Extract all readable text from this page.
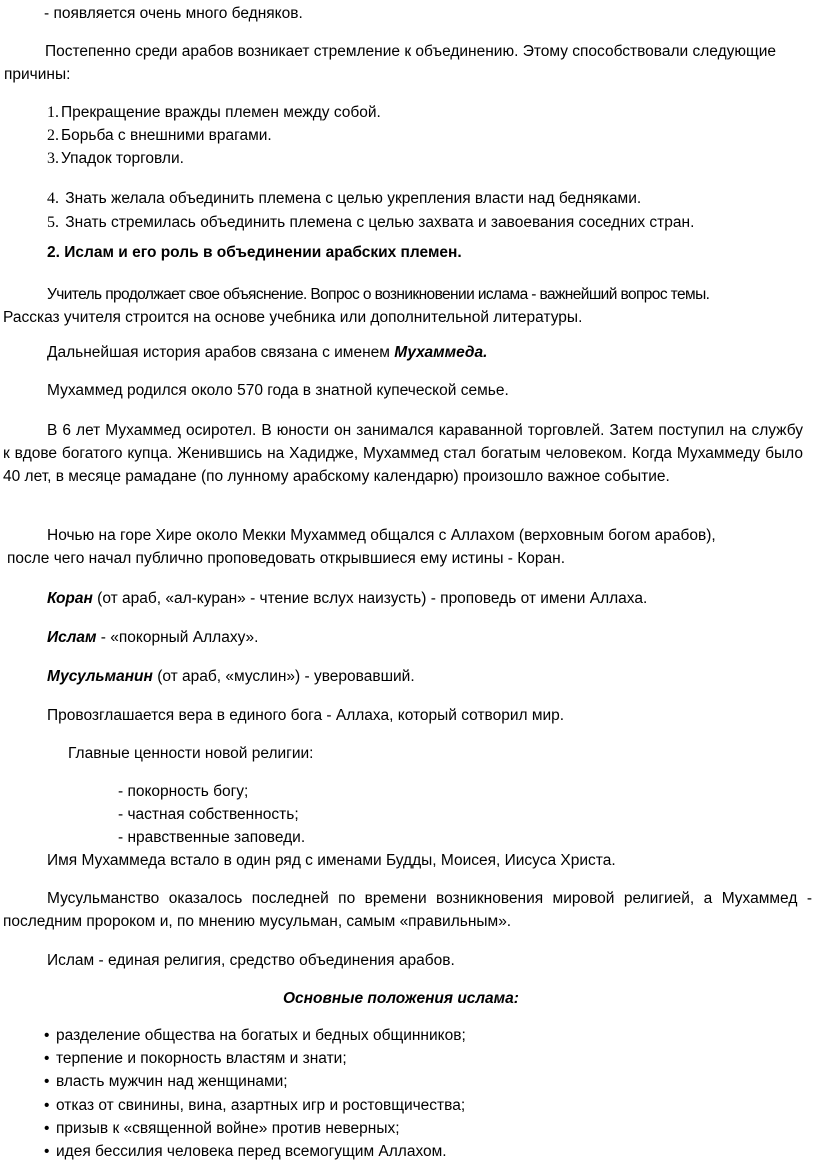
- появляется очень много бедняков.

Постепенно среди арабов возникает стремление к объединению. Этому способствовали следующие причины:

1. Прекращение вражды племен между собой.

2. Борьба с внешними врагами.

3. Упадок торговли.

4. Знать желала объединить племена с целью укрепления власти над бедняками.

5. Знать стремилась объединить племена с целью захвата и завоевания соседних стран.

2. Ислам и его роль в объединении арабских племен.

Учитель продолжает свое объяснение. Вопрос о возникновении ислама - важнейший вопрос темы.

Рассказ учителя строится на основе учебника или дополнительной литературы.

Дальнейшая история арабов связана с именем Мухаммеда.

Мухаммед родился около 570 года в знатной купеческой семье.

В 6 лет Мухаммед осиротел. В юности он занимался караванной торговлей. Затем поступил на службу к вдове богатого купца. Женившись на Хадидже, Мухаммед стал богатым человеком. Когда Мухаммеду было 40 лет, в месяце рамадане (по лунному арабскому календарю) произошло важное событие.

Ночью на горе Хире около Мекки Мухаммед общался с Аллахом (верховным богом арабов),

после чего начал публично проповедовать открывшиеся ему истины - Коран.

Коран (от араб, «ал-куран» - чтение вслух наизусть) - проповедь от имени Аллаха.

Ислам - «покорный Аллаху».

Мусульманин (от араб, «муслин») - уверовавший.

Провозглашается вера в единого бога - Аллаха, который сотворил мир.

Главные ценности новой религии:

- покорность богу;

- частная собственность;

- нравственные заповеди.

Имя Мухаммеда встало в один ряд с именами Будды, Моисея, Иисуса Христа.

Мусульманство оказалось последней по времени возникновения мировой религией, а Мухаммед - последним пророком и, по мнению мусульман, самым «правильным».

Ислам - единая религия, средство объединения арабов.

Основные положения ислама:

• разделение общества на богатых и бедных общинников;

• терпение и покорность властям и знати;

• власть мужчин над женщинами;

• отказ от свинины, вина, азартных игр и ростовщичества;

• призыв к «священной войне» против неверных;

• идея бессилия человека перед всемогущим Аллахом.
